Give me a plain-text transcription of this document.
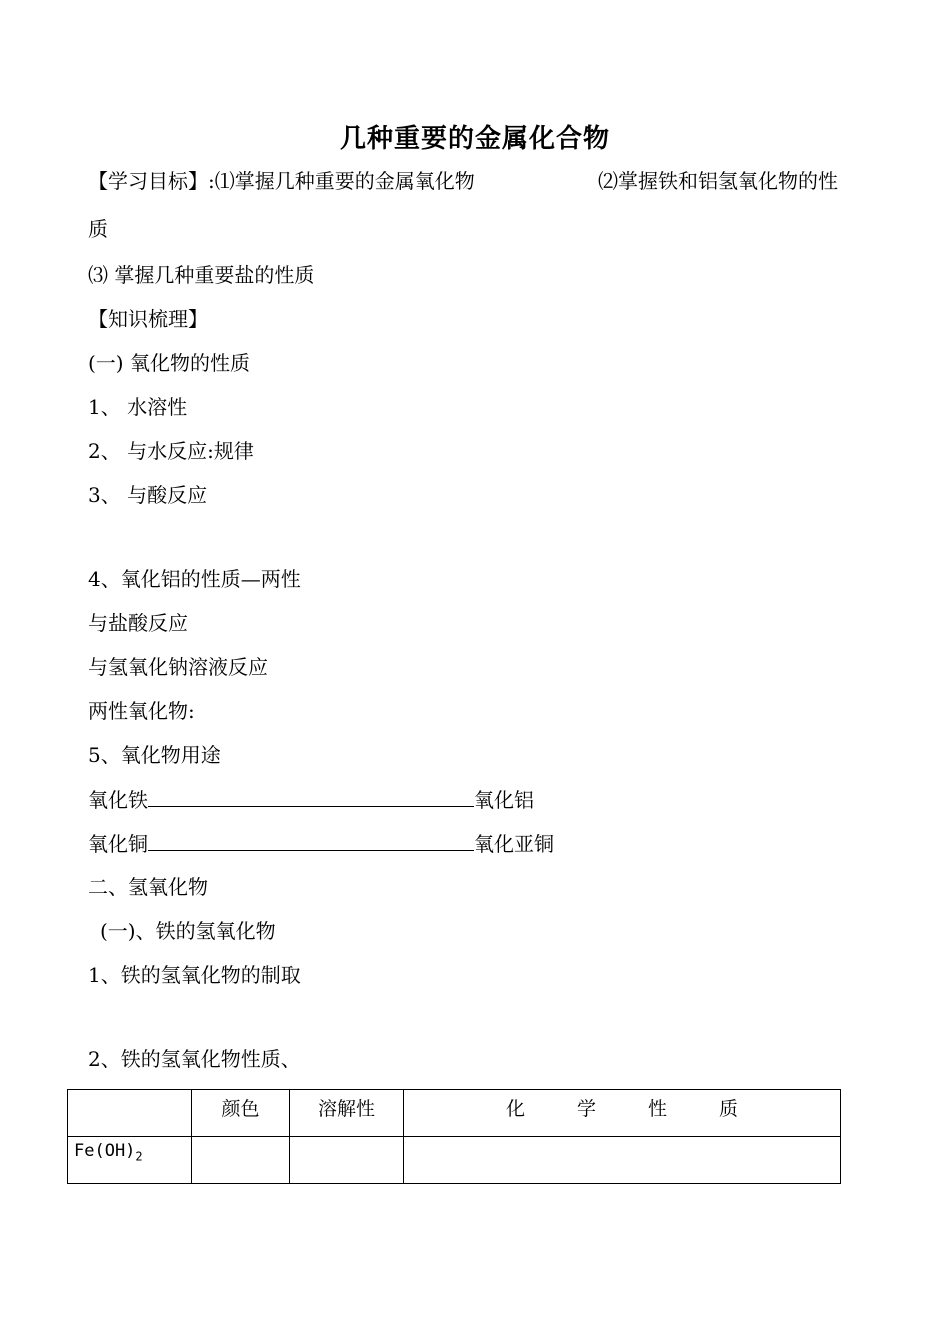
几种重要的金属化合物
【学习目标】:⑴掌握几种重要的金属氧化物	⑵掌握铁和铝氢氧化物的性
质
⑶ 掌握几种重要盐的性质
【知识梳理】
(一) 氧化物的性质
1、 水溶性
2、 与水反应:规律
3、 与酸反应
4、氧化铝的性质—两性
与盐酸反应
与氢氧化钠溶液反应
两性氧化物:
5、氧化物用途
氧化铁	氧化铝
氧化铜	氧化亚铜
二、氢氧化物
(一)、铁的氢氧化物
1、铁的氢氧化物的制取
2、铁的氢氧化物性质、
	颜色	溶解性	化学性质
$Fe(OH)_2$			
